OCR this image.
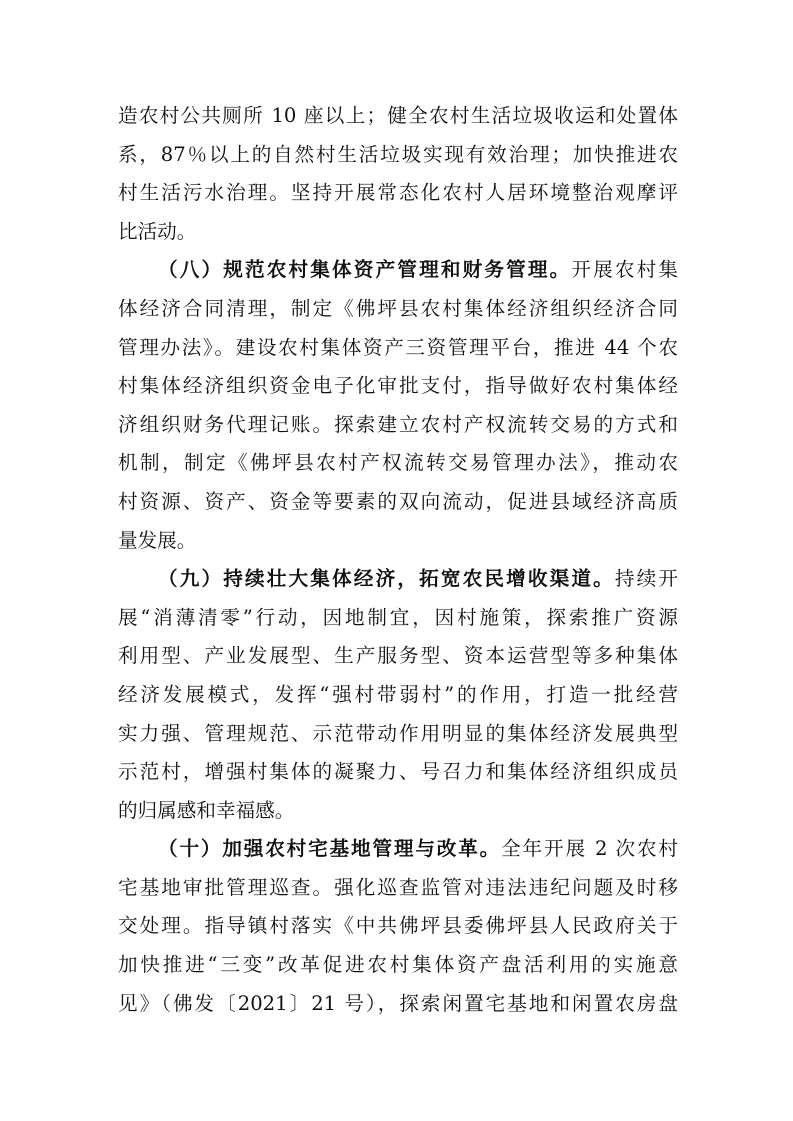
造农村公共厕所 10 座以上；健全农村生活垃圾收运和处置体
系，87％以上的自然村生活垃圾实现有效治理；加快推进农
村生活污水治理。坚持开展常态化农村人居环境整治观摩评
比活动。
（八）规范农村集体资产管理和财务管理。开展农村集
体经济合同清理，制定《佛坪县农村集体经济组织经济合同
管理办法》。建设农村集体资产三资管理平台，推进 44 个农
村集体经济组织资金电子化审批支付，指导做好农村集体经
济组织财务代理记账。探索建立农村产权流转交易的方式和
机制，制定《佛坪县农村产权流转交易管理办法》，推动农
村资源、资产、资金等要素的双向流动，促进县域经济高质
量发展。
（九）持续壮大集体经济，拓宽农民增收渠道。持续开
展“消薄清零”行动，因地制宜，因村施策，探索推广资源
利用型、产业发展型、生产服务型、资本运营型等多种集体
经济发展模式，发挥“强村带弱村”的作用，打造一批经营
实力强、管理规范、示范带动作用明显的集体经济发展典型
示范村，增强村集体的凝聚力、号召力和集体经济组织成员
的归属感和幸福感。
（十）加强农村宅基地管理与改革。全年开展 2 次农村
宅基地审批管理巡查。强化巡查监管对违法违纪问题及时移
交处理。指导镇村落实《中共佛坪县委佛坪县人民政府关于
加快推进“三变”改革促进农村集体资产盘活利用的实施意
见》（佛发〔2021〕21 号），探索闲置宅基地和闲置农房盘
